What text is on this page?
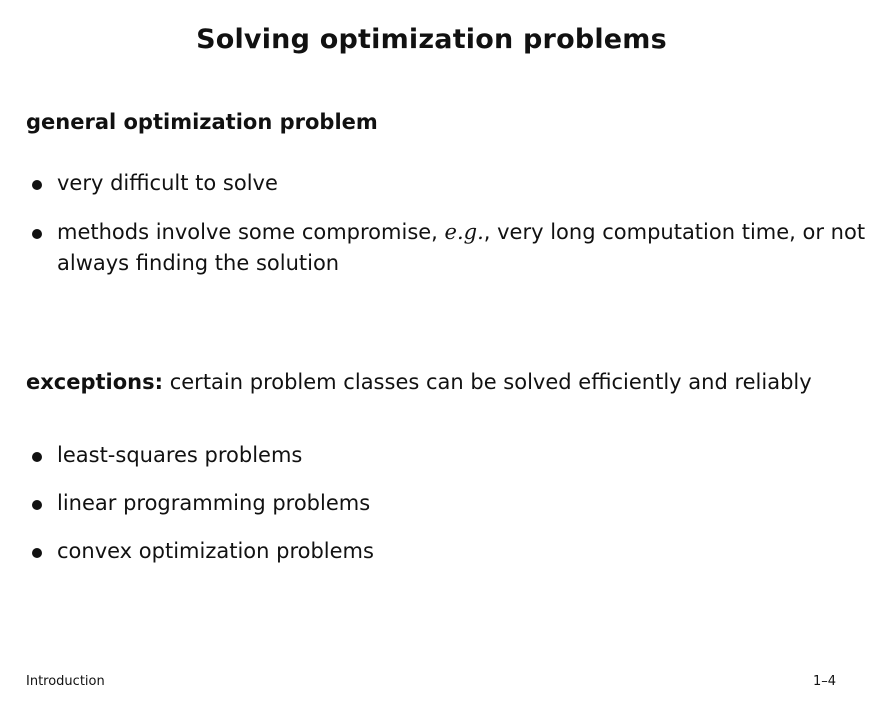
Solving optimization problems
general optimization problem
very difficult to solve
methods involve some compromise, e.g., very long computation time, or not always finding the solution
exceptions: certain problem classes can be solved efficiently and reliably
least-squares problems
linear programming problems
convex optimization problems
Introduction	1–4
